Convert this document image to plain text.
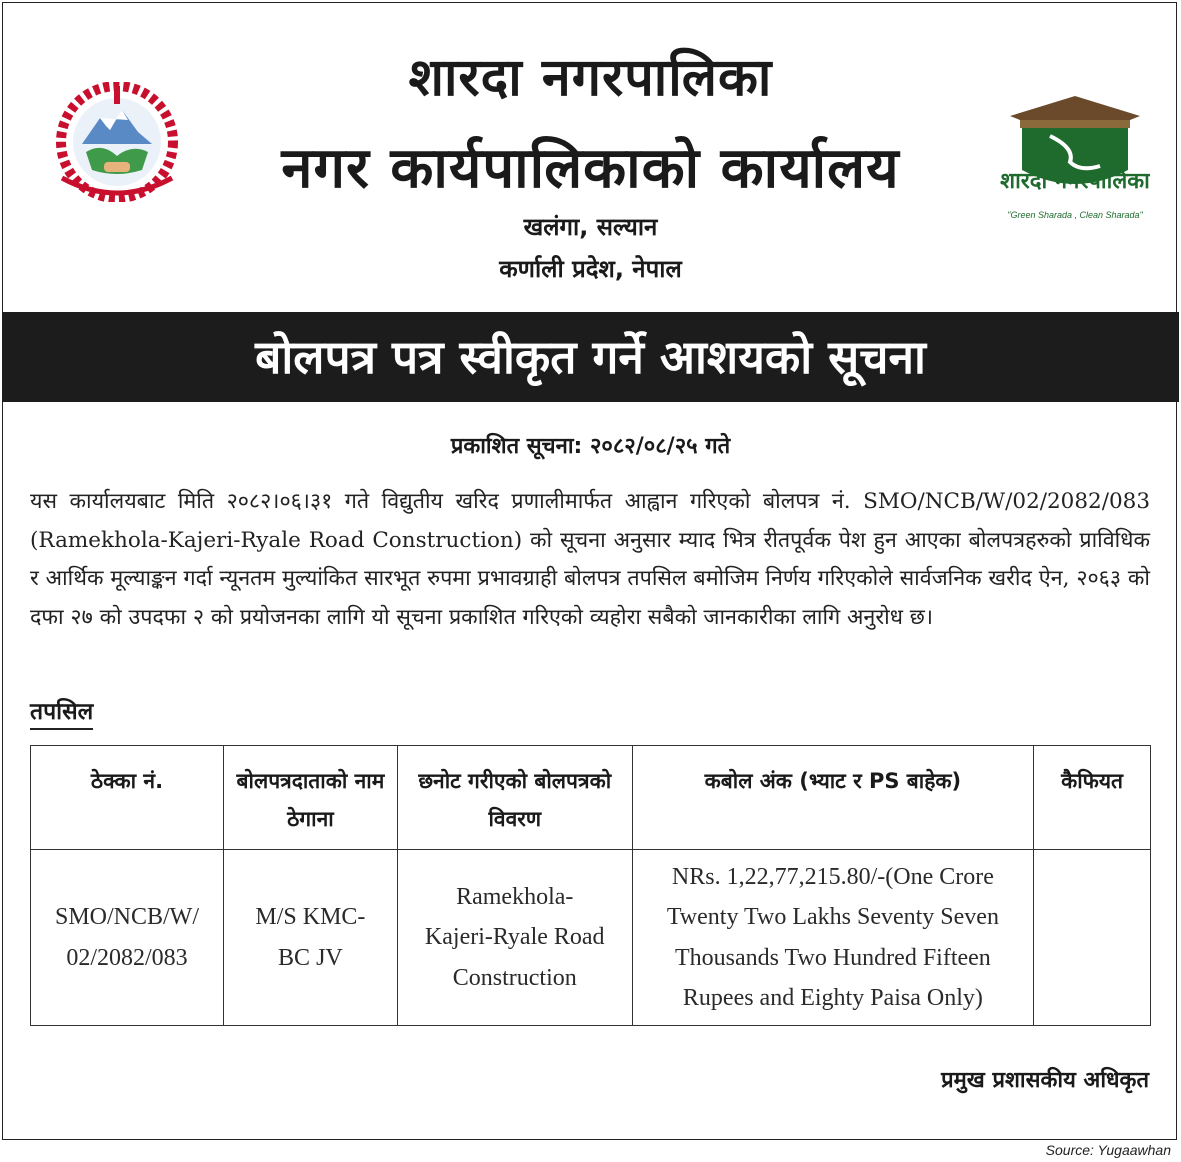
शारदा नगरपालिका
"Green Sharada , Clean Sharada"
शारदा नगरपालिका
नगर कार्यपालिकाको कार्यालय
खलंगा, सल्यान
कर्णाली प्रदेश, नेपाल
बोलपत्र पत्र स्वीकृत गर्ने आशयको सूचना
प्रकाशित सूचना: २०८२/०८/२५ गते
यस कार्यालयबाट मिति २०८२।०६।३१ गते विद्युतीय खरिद प्रणालीमार्फत आह्वान गरिएको बोलपत्र नं. SMO/NCB/W/02/2082/083 (Ramekhola-Kajeri-Ryale Road Construction) को सूचना अनुसार म्याद भित्र रीतपूर्वक पेश हुन आएका बोलपत्रहरुको प्राविधिक र आर्थिक मूल्याङ्कन गर्दा न्यूनतम मुल्यांकित सारभूत रुपमा प्रभावग्राही बोलपत्र तपसिल बमोजिम निर्णय गरिएकोले सार्वजनिक खरीद ऐन, २०६३ को दफा २७ को उपदफा २ को प्रयोजनका लागि यो सूचना प्रकाशित गरिएको व्यहोरा सबैको जानकारीका लागि अनुरोध छ।
तपसिल
ठेक्का नं.	बोलपत्रदाताको नाम ठेगाना	छनोट गरीएको बोलपत्रको विवरण	कबोल अंक (भ्याट र PS बाहेक)	कैफियत
SMO/NCB/W/ 02/2082/083	M/S KMC- BC JV	Ramekhola- Kajeri-Ryale Road Construction	NRs. 1,22,77,215.80/-(One Crore Twenty Two Lakhs Seventy Seven Thousands Two Hundred Fifteen Rupees and Eighty Paisa Only)	
प्रमुख प्रशासकीय अधिकृत
Source: Yugaawhan
